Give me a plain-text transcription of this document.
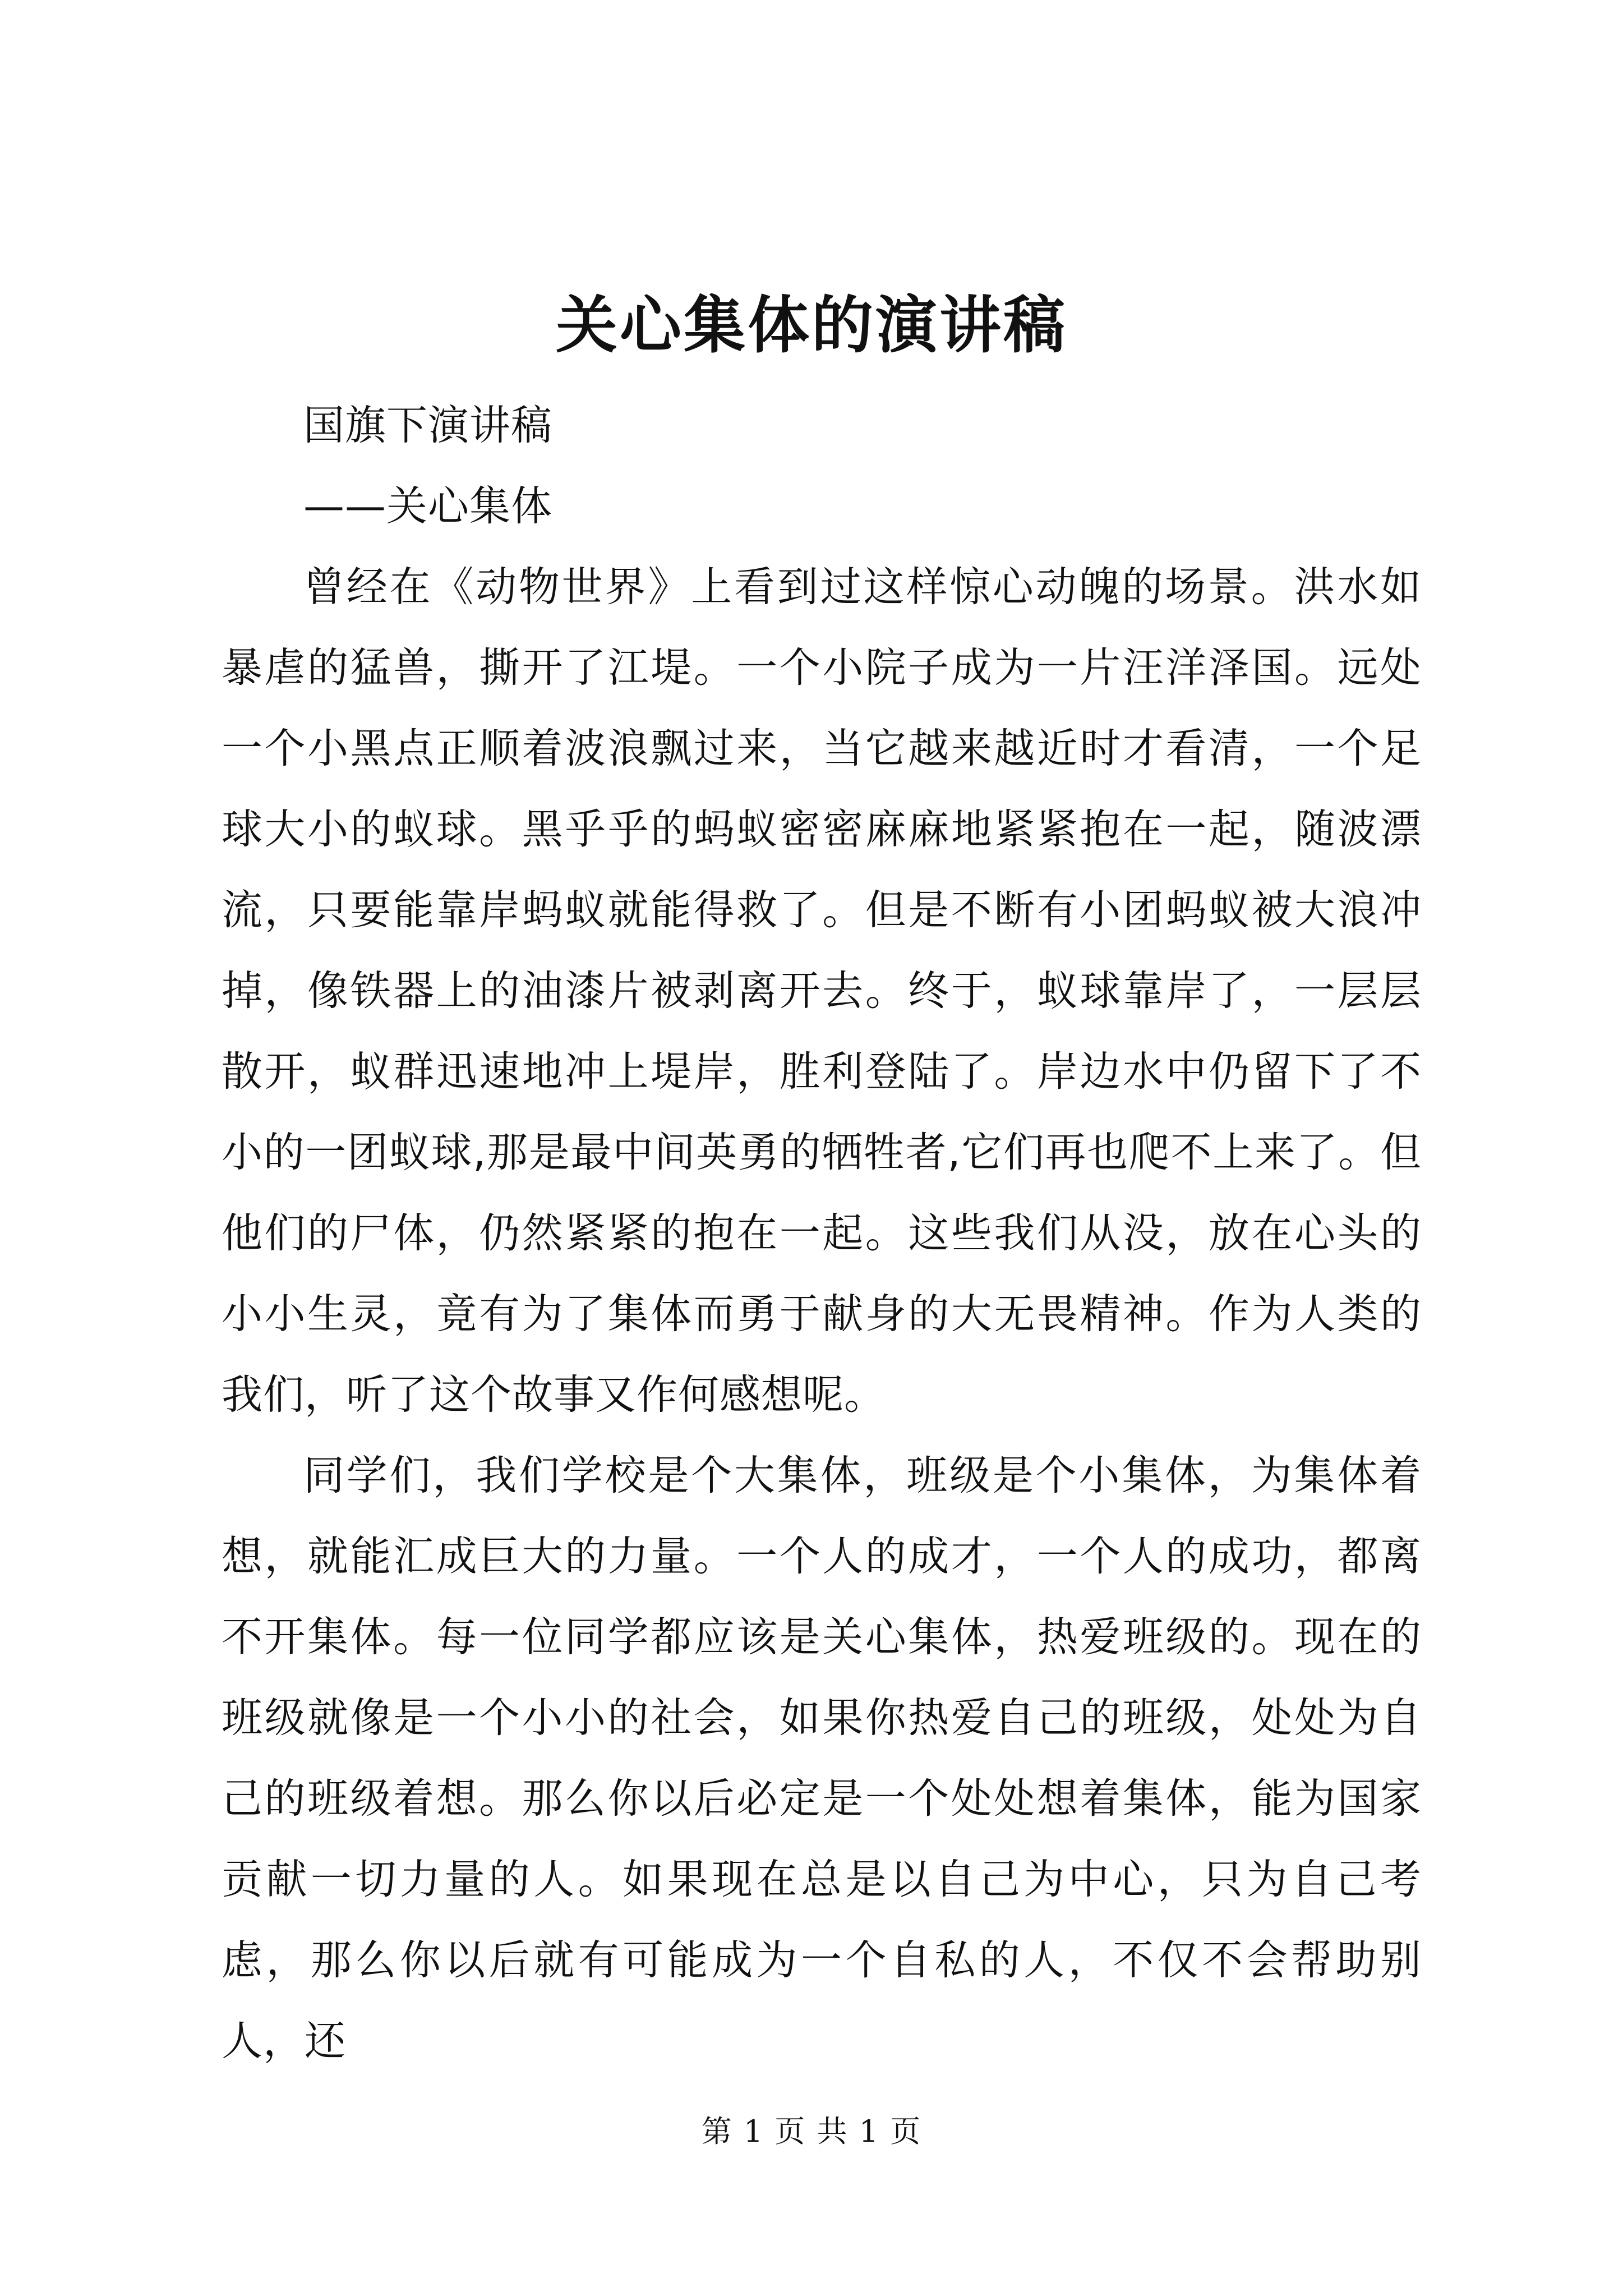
关心集体的演讲稿

国旗下演讲稿

——关心集体

曾经在《动物世界》上看到过这样惊心动魄的场景。洪水如暴虐的猛兽，撕开了江堤。一个小院子成为一片汪洋泽国。远处一个小黑点正顺着波浪飘过来，当它越来越近时才看清，一个足球大小的蚁球。黑乎乎的蚂蚁密密麻麻地紧紧抱在一起，随波漂流，只要能靠岸蚂蚁就能得救了。但是不断有小团蚂蚁被大浪冲掉，像铁器上的油漆片被剥离开去。终于，蚁球靠岸了，一层层散开，蚁群迅速地冲上堤岸，胜利登陆了。岸边水中仍留下了不小的一团蚁球,那是最中间英勇的牺牲者,它们再也爬不上来了。但他们的尸体，仍然紧紧的抱在一起。这些我们从没，放在心头的小小生灵，竟有为了集体而勇于献身的大无畏精神。作为人类的我们，听了这个故事又作何感想呢。

同学们，我们学校是个大集体，班级是个小集体，为集体着想，就能汇成巨大的力量。一个人的成才，一个人的成功，都离不开集体。每一位同学都应该是关心集体，热爱班级的。现在的班级就像是一个小小的社会，如果你热爱自己的班级，处处为自己的班级着想。那么你以后必定是一个处处想着集体，能为国家贡献一切力量的人。如果现在总是以自己为中心，只为自己考虑，那么你以后就有可能成为一个自私的人，不仅不会帮助别人，还

第 1 页 共 1 页
